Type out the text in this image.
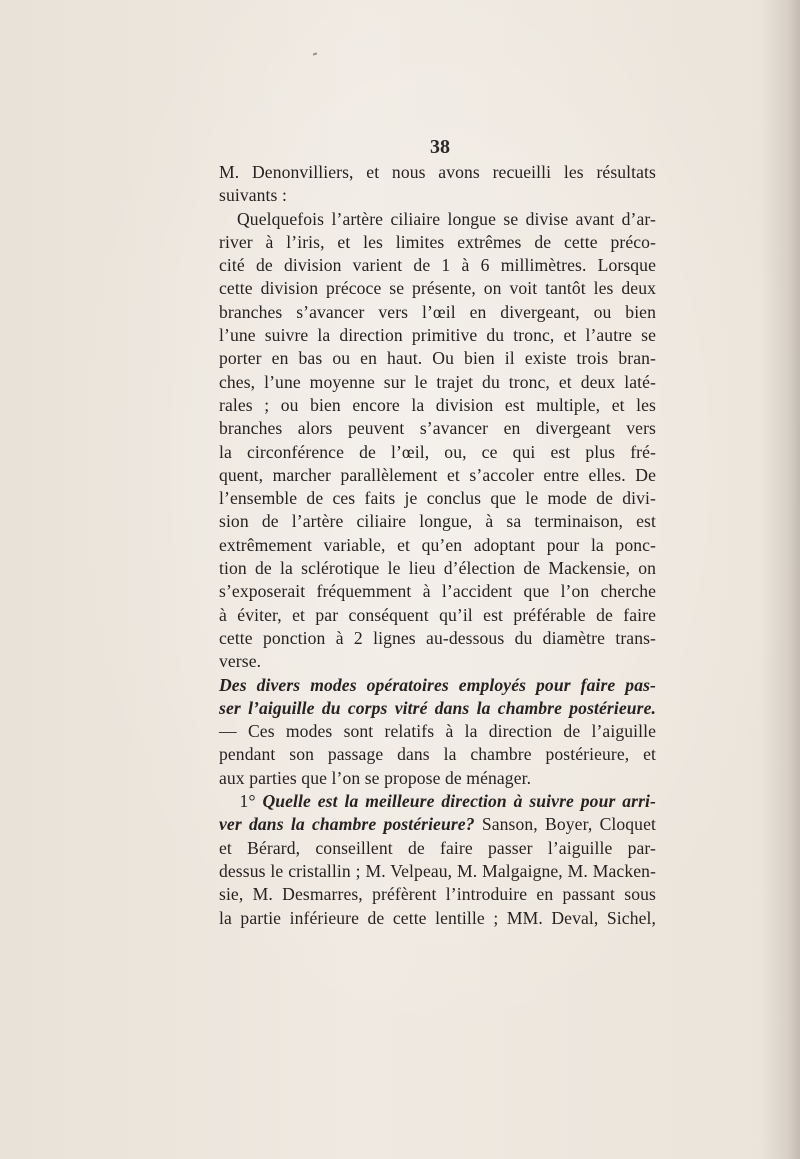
38
M. Denonvilliers, et nous avons recueilli les résultats
suivants :
Quelquefois l’artère ciliaire longue se divise avant d’ar-
river à l’iris, et les limites extrêmes de cette préco-
cité de division varient de 1 à 6 millimètres. Lorsque
cette division précoce se présente, on voit tantôt les deux
branches s’avancer vers l’œil en divergeant, ou bien
l’une suivre la direction primitive du tronc, et l’autre se
porter en bas ou en haut. Ou bien il existe trois bran-
ches, l’une moyenne sur le trajet du tronc, et deux laté-
rales ; ou bien encore la division est multiple, et les
branches alors peuvent s’avancer en divergeant vers
la circonférence de l’œil, ou, ce qui est plus fré-
quent, marcher parallèlement et s’accoler entre elles. De
l’ensemble de ces faits je conclus que le mode de divi-
sion de l’artère ciliaire longue, à sa terminaison, est
extrêmement variable, et qu’en adoptant pour la ponc-
tion de la sclérotique le lieu d’élection de Mackensie, on
s’exposerait fréquemment à l’accident que l’on cherche
à éviter, et par conséquent qu’il est préférable de faire
cette ponction à 2 lignes au-dessous du diamètre trans-
verse.
Des divers modes opératoires employés pour faire pas-
ser l’aiguille du corps vitré dans la chambre postérieure.
— Ces modes sont relatifs à la direction de l’aiguille
pendant son passage dans la chambre postérieure, et
aux parties que l’on se propose de ménager.
1° Quelle est la meilleure direction à suivre pour arri-
ver dans la chambre postérieure? Sanson, Boyer, Cloquet
et Bérard, conseillent de faire passer l’aiguille par-
dessus le cristallin ; M. Velpeau, M. Malgaigne, M. Macken-
sie, M. Desmarres, préfèrent l’introduire en passant sous
la partie inférieure de cette lentille ; MM. Deval, Sichel,
